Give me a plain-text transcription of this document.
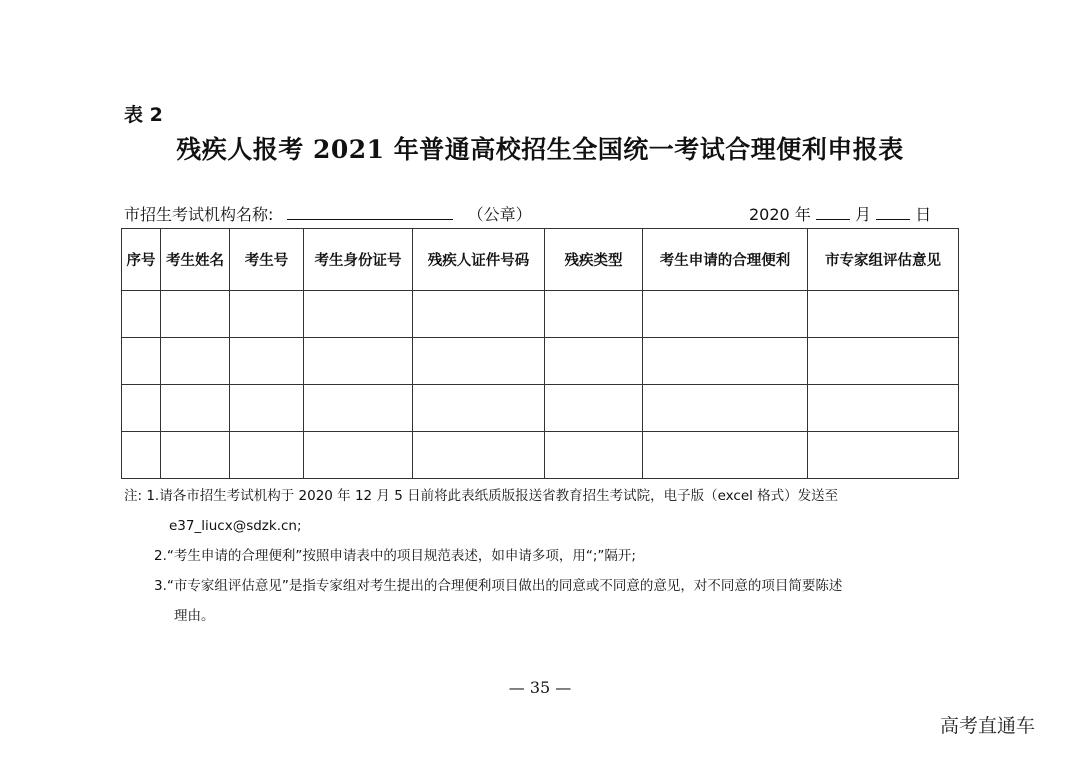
表 2
残疾人报考 2021 年普通高校招生全国统一考试合理便利申报表
市招生考试机构名称:	（公章）	2020 年	月	日
序号	考生姓名	考生号	考生身份证号	残疾人证件号码	残疾类型	考生申请的合理便利	市专家组评估意见

注: 1.请各市招生考试机构于 2020 年 12 月 5 日前将此表纸质版报送省教育招生考试院，电子版（excel 格式）发送至
e37_liucx@sdzk.cn;
2.“考生申请的合理便利”按照申请表中的项目规范表述，如申请多项，用“;”隔开;
3.“市专家组评估意见”是指专家组对考生提出的合理便利项目做出的同意或不同意的意见，对不同意的项目简要陈述
理由。
— 35 —
高考直通车
